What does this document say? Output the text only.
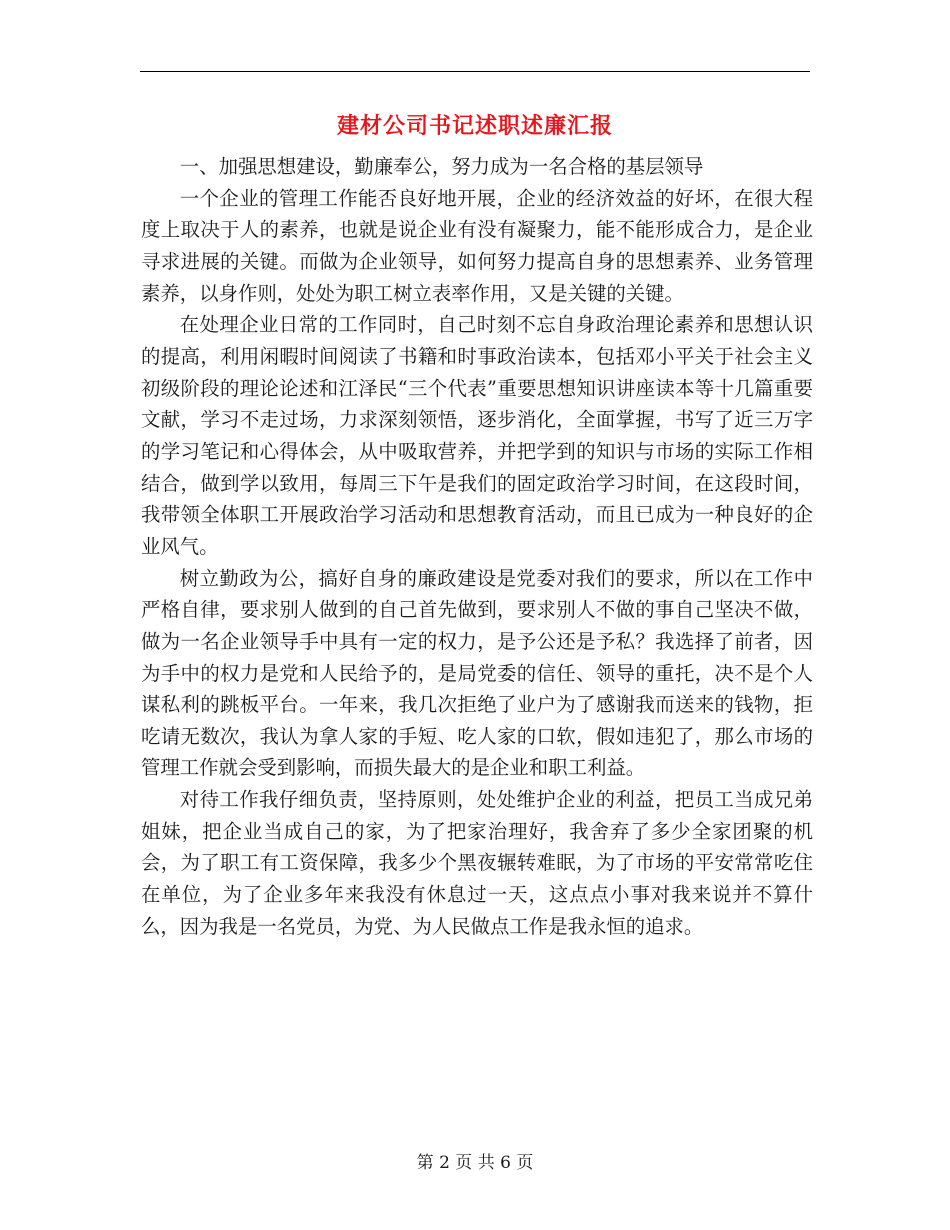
建材公司书记述职述廉汇报

一、加强思想建设，勤廉奉公，努力成为一名合格的基层领导

一个企业的管理工作能否良好地开展，企业的经济效益的好坏，在很大程度上取决于人的素养，也就是说企业有没有凝聚力，能不能形成合力，是企业寻求进展的关键。而做为企业领导，如何努力提高自身的思想素养、业务管理素养，以身作则，处处为职工树立表率作用，又是关键的关键。

在处理企业日常的工作同时，自己时刻不忘自身政治理论素养和思想认识的提高，利用闲暇时间阅读了书籍和时事政治读本，包括邓小平关于社会主义初级阶段的理论论述和江泽民“三个代表”重要思想知识讲座读本等十几篇重要文献，学习不走过场，力求深刻领悟，逐步消化，全面掌握，书写了近三万字的学习笔记和心得体会，从中吸取营养，并把学到的知识与市场的实际工作相结合，做到学以致用，每周三下午是我们的固定政治学习时间，在这段时间，我带领全体职工开展政治学习活动和思想教育活动，而且已成为一种良好的企业风气。

树立勤政为公，搞好自身的廉政建设是党委对我们的要求，所以在工作中严格自律，要求别人做到的自己首先做到，要求别人不做的事自己坚决不做，做为一名企业领导手中具有一定的权力，是予公还是予私？我选择了前者，因为手中的权力是党和人民给予的，是局党委的信任、领导的重托，决不是个人谋私利的跳板平台。一年来，我几次拒绝了业户为了感谢我而送来的钱物，拒吃请无数次，我认为拿人家的手短、吃人家的口软，假如违犯了，那么市场的管理工作就会受到影响，而损失最大的是企业和职工利益。

对待工作我仔细负责，坚持原则，处处维护企业的利益，把员工当成兄弟姐妹，把企业当成自己的家，为了把家治理好，我舍弃了多少全家团聚的机会，为了职工有工资保障，我多少个黑夜辗转难眠，为了市场的平安常常吃住在单位，为了企业多年来我没有休息过一天，这点点小事对我来说并不算什么，因为我是一名党员，为党、为人民做点工作是我永恒的追求。

第 2 页 共 6 页
